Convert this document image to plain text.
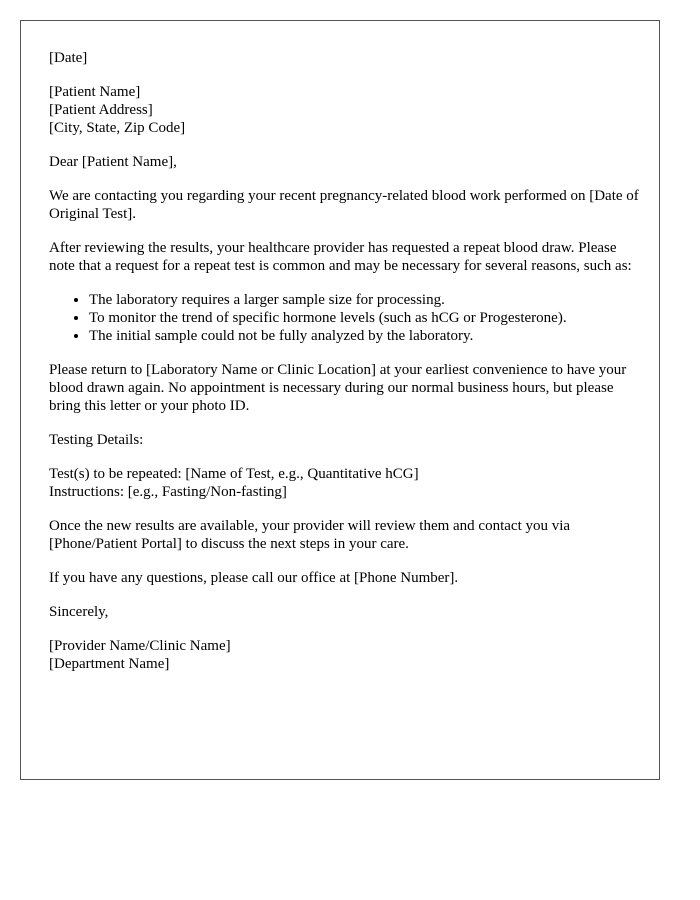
[Date]

[Patient Name]
[Patient Address]
[City, State, Zip Code]

Dear [Patient Name],

We are contacting you regarding your recent pregnancy-related blood work performed on [Date of Original Test].

After reviewing the results, your healthcare provider has requested a repeat blood draw. Please note that a request for a repeat test is common and may be necessary for several reasons, such as:

• The laboratory requires a larger sample size for processing.
• To monitor the trend of specific hormone levels (such as hCG or Progesterone).
• The initial sample could not be fully analyzed by the laboratory.

Please return to [Laboratory Name or Clinic Location] at your earliest convenience to have your blood drawn again. No appointment is necessary during our normal business hours, but please bring this letter or your photo ID.

Testing Details:

Test(s) to be repeated: [Name of Test, e.g., Quantitative hCG]
Instructions: [e.g., Fasting/Non-fasting]

Once the new results are available, your provider will review them and contact you via [Phone/Patient Portal] to discuss the next steps in your care.

If you have any questions, please call our office at [Phone Number].

Sincerely,

[Provider Name/Clinic Name]
[Department Name]
